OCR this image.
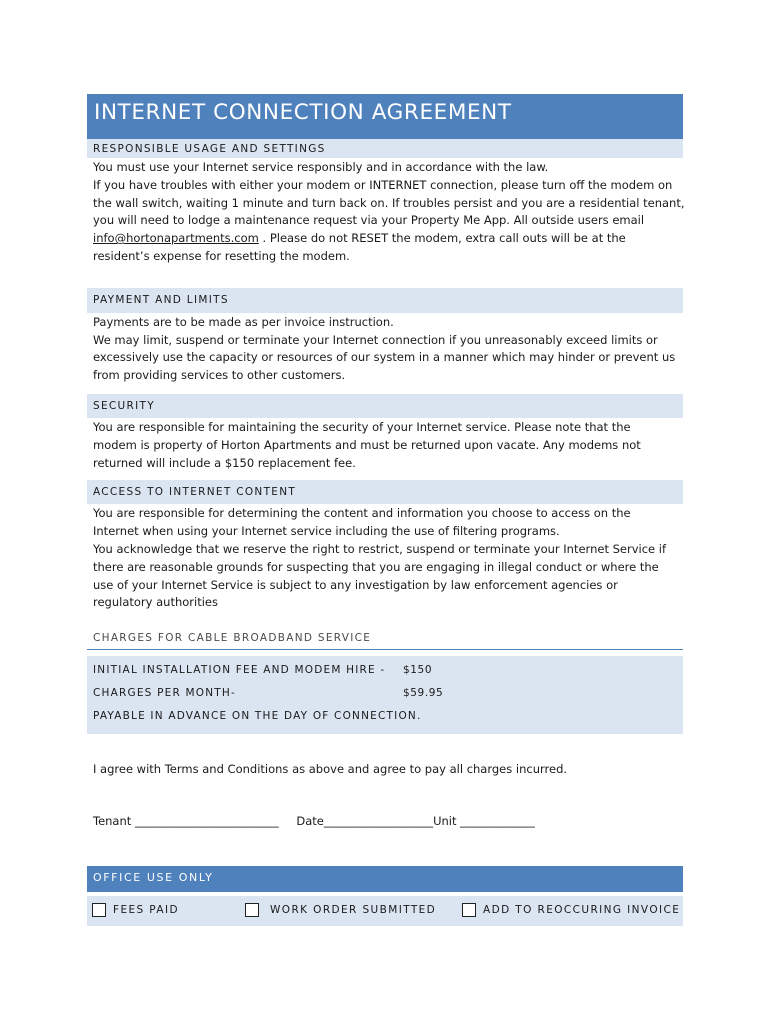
INTERNET CONNECTION AGREEMENT
RESPONSIBLE USAGE AND SETTINGS

You must use your Internet service responsibly and in accordance with the law.

If you have troubles with either your modem or INTERNET connection, please turn off the modem on

the wall switch, waiting 1 minute and turn back on. If troubles persist and you are a residential tenant,

you will need to lodge a maintenance request via your Property Me App. All outside users email

info@hortonapartments.com . Please do not RESET the modem, extra call outs will be at the

resident’s expense for resetting the modem.

PAYMENT AND LIMITS

Payments are to be made as per invoice instruction.

We may limit, suspend or terminate your Internet connection if you unreasonably exceed limits or

excessively use the capacity or resources of our system in a manner which may hinder or prevent us

from providing services to other customers.

SECURITY

You are responsible for maintaining the security of your Internet service. Please note that the

modem is property of Horton Apartments and must be returned upon vacate. Any modems not

returned will include a $150 replacement fee.

ACCESS TO INTERNET CONTENT

You are responsible for determining the content and information you choose to access on the

Internet when using your Internet service including the use of filtering programs.

You acknowledge that we reserve the right to restrict, suspend or terminate your Internet Service if

there are reasonable grounds for suspecting that you are engaging in illegal conduct or where the

use of your Internet Service is subject to any investigation by law enforcement agencies or

regulatory authorities

CHARGES FOR CABLE BROADBAND SERVICE
INITIAL INSTALLATION FEE AND MODEM HIRE - $150
CHARGES PER MONTH-	$59.95
PAYABLE IN ADVANCE ON THE DAY OF CONNECTION.
I agree with Terms and Conditions as above and agree to pay all charges incurred.
Tenant _________________________ Date___________________Unit _____________
OFFICE USE ONLY
FEES PAID	WORK ORDER SUBMITTED	ADD TO REOCCURING INVOICE
